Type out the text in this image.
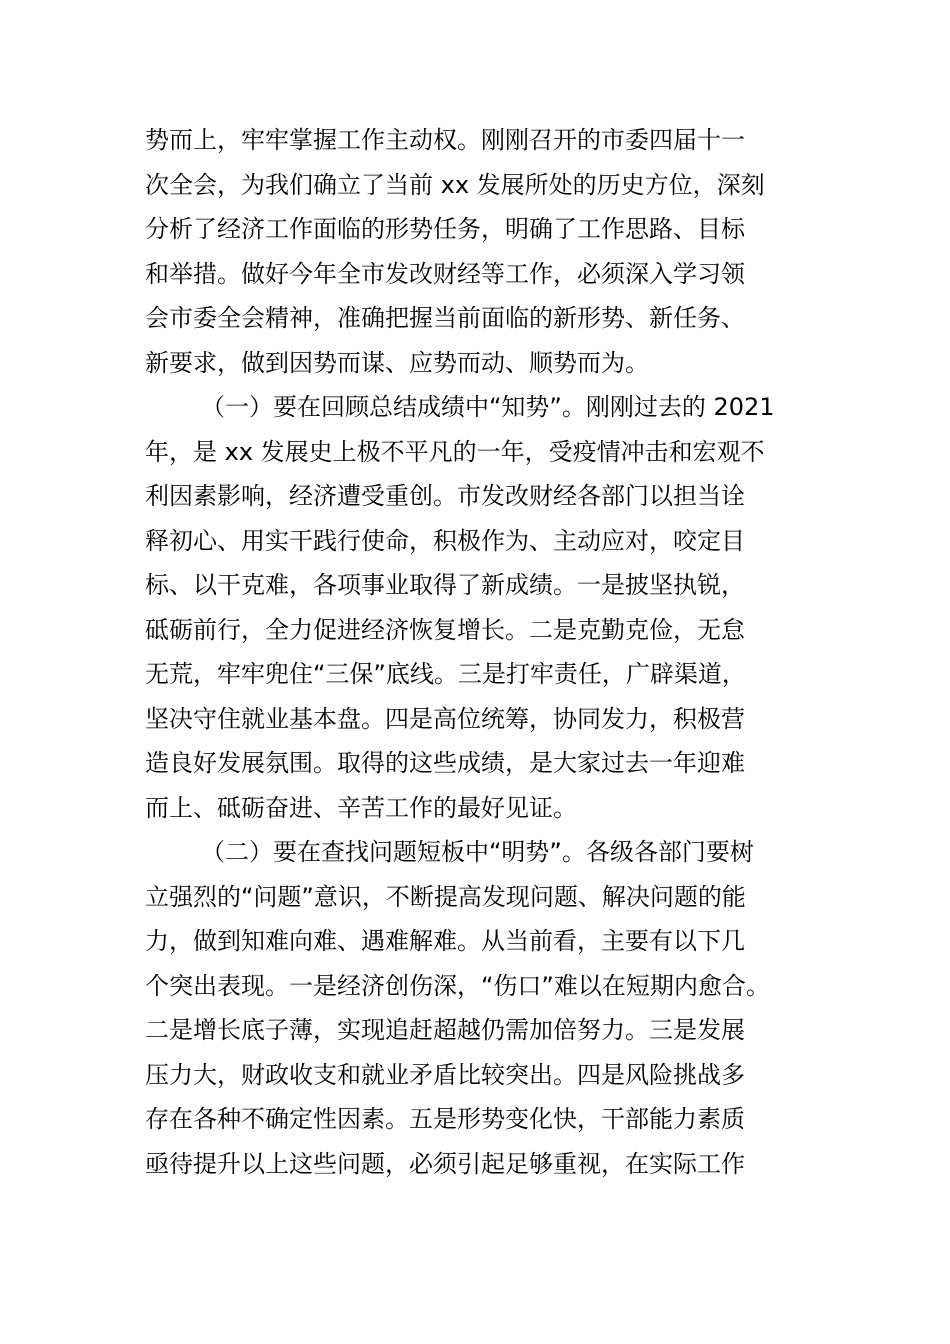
势而上，牢牢掌握工作主动权。刚刚召开的市委四届十一
次全会，为我们确立了当前 xx 发展所处的历史方位，深刻
分析了经济工作面临的形势任务，明确了工作思路、目标
和举措。做好今年全市发改财经等工作，必须深入学习领
会市委全会精神，准确把握当前面临的新形势、新任务、
新要求，做到因势而谋、应势而动、顺势而为。
（一）要在回顾总结成绩中“知势”。刚刚过去的 2021
年，是 xx 发展史上极不平凡的一年，受疫情冲击和宏观不
利因素影响，经济遭受重创。市发改财经各部门以担当诠
释初心、用实干践行使命，积极作为、主动应对，咬定目
标、以干克难，各项事业取得了新成绩。一是披坚执锐，
砥砺前行，全力促进经济恢复增长。二是克勤克俭，无怠
无荒，牢牢兜住“三保”底线。三是打牢责任，广辟渠道，
坚决守住就业基本盘。四是高位统筹，协同发力，积极营
造良好发展氛围。取得的这些成绩，是大家过去一年迎难
而上、砥砺奋进、辛苦工作的最好见证。
（二）要在查找问题短板中“明势”。各级各部门要树
立强烈的“问题”意识，不断提高发现问题、解决问题的能
力，做到知难向难、遇难解难。从当前看，主要有以下几
个突出表现。一是经济创伤深，“伤口”难以在短期内愈合。
二是增长底子薄，实现追赶超越仍需加倍努力。三是发展
压力大，财政收支和就业矛盾比较突出。四是风险挑战多
存在各种不确定性因素。五是形势变化快，干部能力素质
亟待提升以上这些问题，必须引起足够重视，在实际工作
